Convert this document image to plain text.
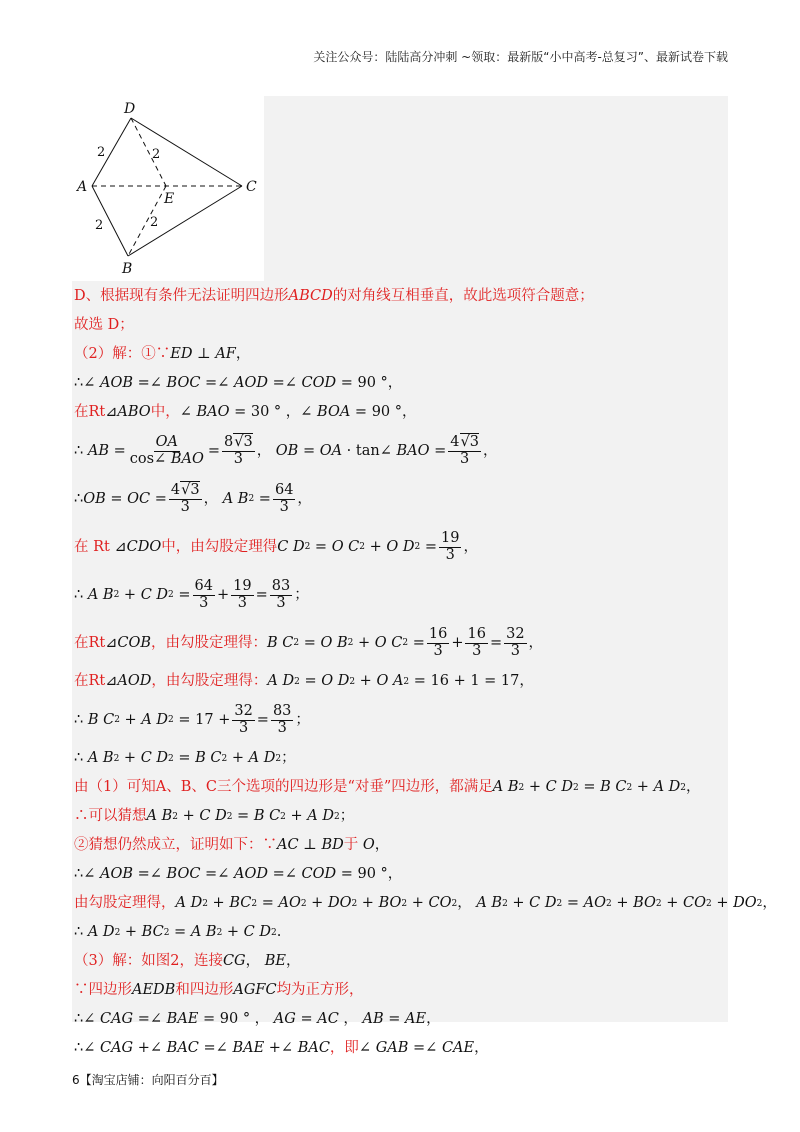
关注公众号：陆陆高分冲刺 ~领取：最新版“小中高考-总复习”、最新试卷下载
D
A
E
C
B
2	2
2	2
D、根据现有条件无法证明四边形 ABCD 的对角线互相垂直，故此选项符合题意；
故选 D；
（2）解：①∵ ED ⊥ AF ，
∴∠ AOB =∠ BOC =∠ AOD =∠ COD = 90 °，
在Rt ⊿ ABO 中， ∠ BAO = 30 ° ，∠ BOA = 90 °，
∴ AB = $\frac{OA}{\text{cos∠ BAO}} = \frac{8√3}{3}$ ， OB = OA · tan∠ BAO = $\frac{4√3}{3}$ ，
∴ OB = OC = $\frac{4√3}{3}$ ， A B $2 = \frac{64}{3}$ ，
在 Rt ⊿ CDO 中， 由勾股定理得 C D 2 = O C 2 + O D $2 = \frac{19}{3}$ ，
∴ A B 2 + C D $2 = \frac{64}{3} + \frac{19}{3} = \frac{83}{3}$ ；
在Rt ⊿ COB ，由勾股定理得： B C 2 = O B 2 + O C $2 = \frac{16}{3} + \frac{16}{3} = \frac{32}{3}$ ，
在Rt ⊿ AOD ，由勾股定理得： A D 2 = O D 2 + O A 2 = 16 + 1 = 17，
∴ B C 2 + A D $2 = 17 + \frac{32}{3} = \frac{83}{3}$ ；
∴ A B 2 + C D 2 = B C 2 + A D 2 ；
由（1）可知A、B、C三个选项的四边形是“对垂”四边形，都满足 A B 2 + C D 2 = B C 2 + A D 2 ，
∴可以猜想 A B 2 + C D 2 = B C 2 + A D 2 ；
②猜想仍然成立，证明如下：∵ AC ⊥ BD 于
O ，
∴∠ AOB =∠ BOC =∠ AOD =∠ COD = 90 °，
由勾股定理得， A D 2 + BC 2 = AO 2 + DO 2 + BO 2 + CO 2 ， A B 2 + C D 2 = AO 2 + BO 2 + CO 2 + DO 2 ，
∴ A D 2 + BC 2 = A B 2 + C D 2 .
（3）解：如图2，连接 CG ， BE ，
∵四边形 AEDB 和四边形 AGFC 均为正方形，
∴∠ CAG =∠ BAE = 90 ° ， AG = AC ， AB = AE ，
∴∠ CAG +∠ BAC =∠ BAE +∠ BAC ，即 ∠ GAB =∠ CAE ，
6【淘宝店铺：向阳百分百】
